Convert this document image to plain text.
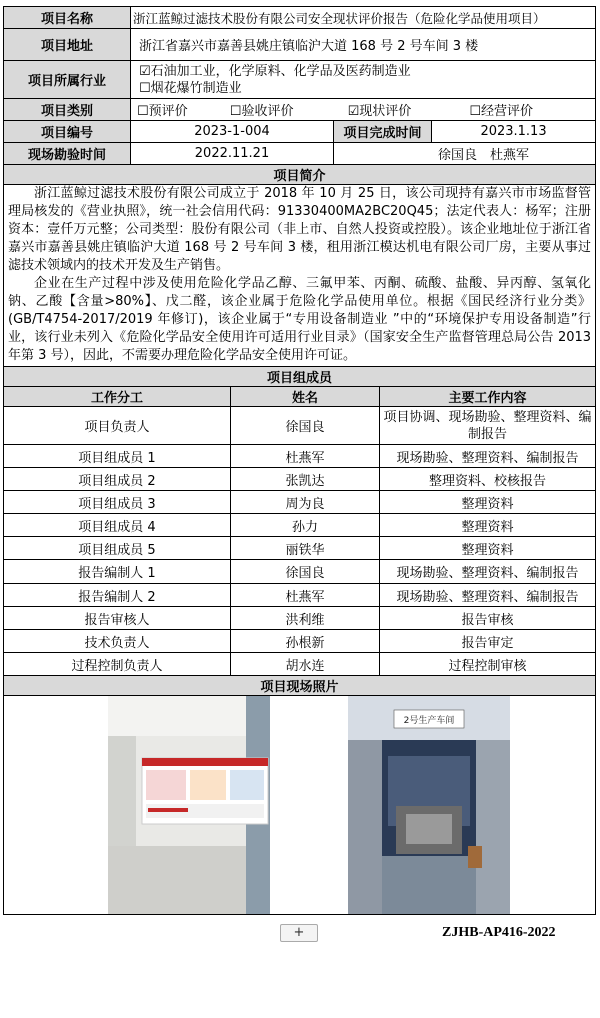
项目名称	浙江蓝鲸过滤技术股份有限公司安全现状评价报告（危险化学品使用项目）				
项目地址	浙江省嘉兴市嘉善县姚庄镇临沪大道 168 号 2 号车间 3 楼				
项目所属行业	☑石油加工业，化学原料、化学品及医药制造业
☐烟花爆竹制造业				

项目类别	☐预评价 ☐验收评价 ☑现状评价 ☐经营评价				
项目编号	2023-1-004		项目完成时间		2023.1.13
现场勘验时间	2022.11.21		徐国良　杜燕军		
项目简介					

浙江蓝鲸过滤技术股份有限公司成立于 2018 年 10 月 25 日，该公司现持有嘉兴市市场监督管理局核发的《营业执照》，统一社会信用代码：91330400MA2BC20Q45；法定代表人：杨军；注册资本：壹仟万元整；公司类型：股份有限公司（非上市、自然人投资或控股）。该企业地址位于浙江省嘉兴市嘉善县姚庄镇临沪大道 168 号 2 号车间 3 楼，租用浙江模达机电有限公司厂房，主要从事过滤技术领域内的技术开发及生产销售。

企业在生产过程中涉及使用危险化学品乙醇、三氟甲苯、丙酮、硫酸、盐酸、异丙醇、氢氧化钠、乙酸【含量>80%】、戊二醛，该企业属于危险化学品使用单位。根据《国民经济行业分类》(GB/T4754-2017/2019 年修订)，该企业属于“专用设备制造业 ”中的“环境保护专用设备制造”行业，该行业未列入《危险化学品安全使用许可适用行业目录》（国家安全生产监督管理总局公告 2013 年第 3 号），因此，不需要办理危险化学品安全使用许可证。					

项目组成员					
工作分工		姓名		主要工作内容	
项目负责人		徐国良		项目协调、现场勘验、整理资料、编制报告	
项目组成员 1		杜燕军		现场勘验、整理资料、编制报告	
项目组成员 2		张凯达		整理资料、校核报告	
项目组成员 3		周为良		整理资料	
项目组成员 4		孙力		整理资料	
项目组成员 5		丽铁华		整理资料	
报告编制人 1		徐国良		现场勘验、整理资料、编制报告	
报告编制人 2		杜燕军		现场勘验、整理资料、编制报告	
报告审核人		洪利维		报告审核	
技术负责人		孙根新		报告审定	
过程控制负责人		胡水连		过程控制审核	
项目现场照片					

2号生产车间					
+	ZJHB-AP416-2022
